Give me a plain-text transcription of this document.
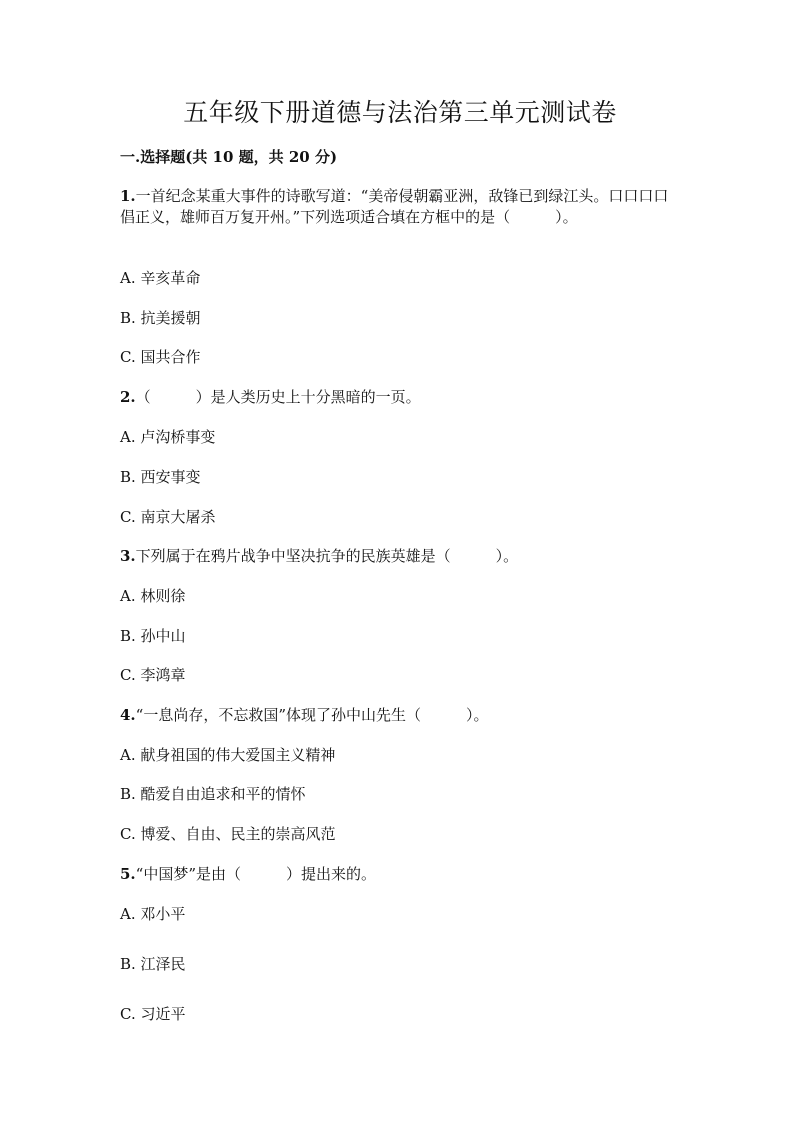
五年级下册道德与法治第三单元测试卷
一.选择题(共 10 题，共 20 分)
1.一首纪念某重大事件的诗歌写道：“美帝侵朝霸亚洲，敌锋已到绿江头。口口口口倡正义，雄师百万复开州。”下列选项适合填在方框中的是（　　　）。
A. 辛亥革命
B. 抗美援朝
C. 国共合作
2.（　　　）是人类历史上十分黑暗的一页。
A. 卢沟桥事变
B. 西安事变
C. 南京大屠杀
3.下列属于在鸦片战争中坚决抗争的民族英雄是（　　　）。
A. 林则徐
B. 孙中山
C. 李鸿章
4.“一息尚存，不忘救国”体现了孙中山先生（　　　）。
A. 献身祖国的伟大爱国主义精神
B. 酷爱自由追求和平的情怀
C. 博爱、自由、民主的崇高风范
5.“中国梦”是由（　　　）提出来的。
A. 邓小平
B. 江泽民
C. 习近平
